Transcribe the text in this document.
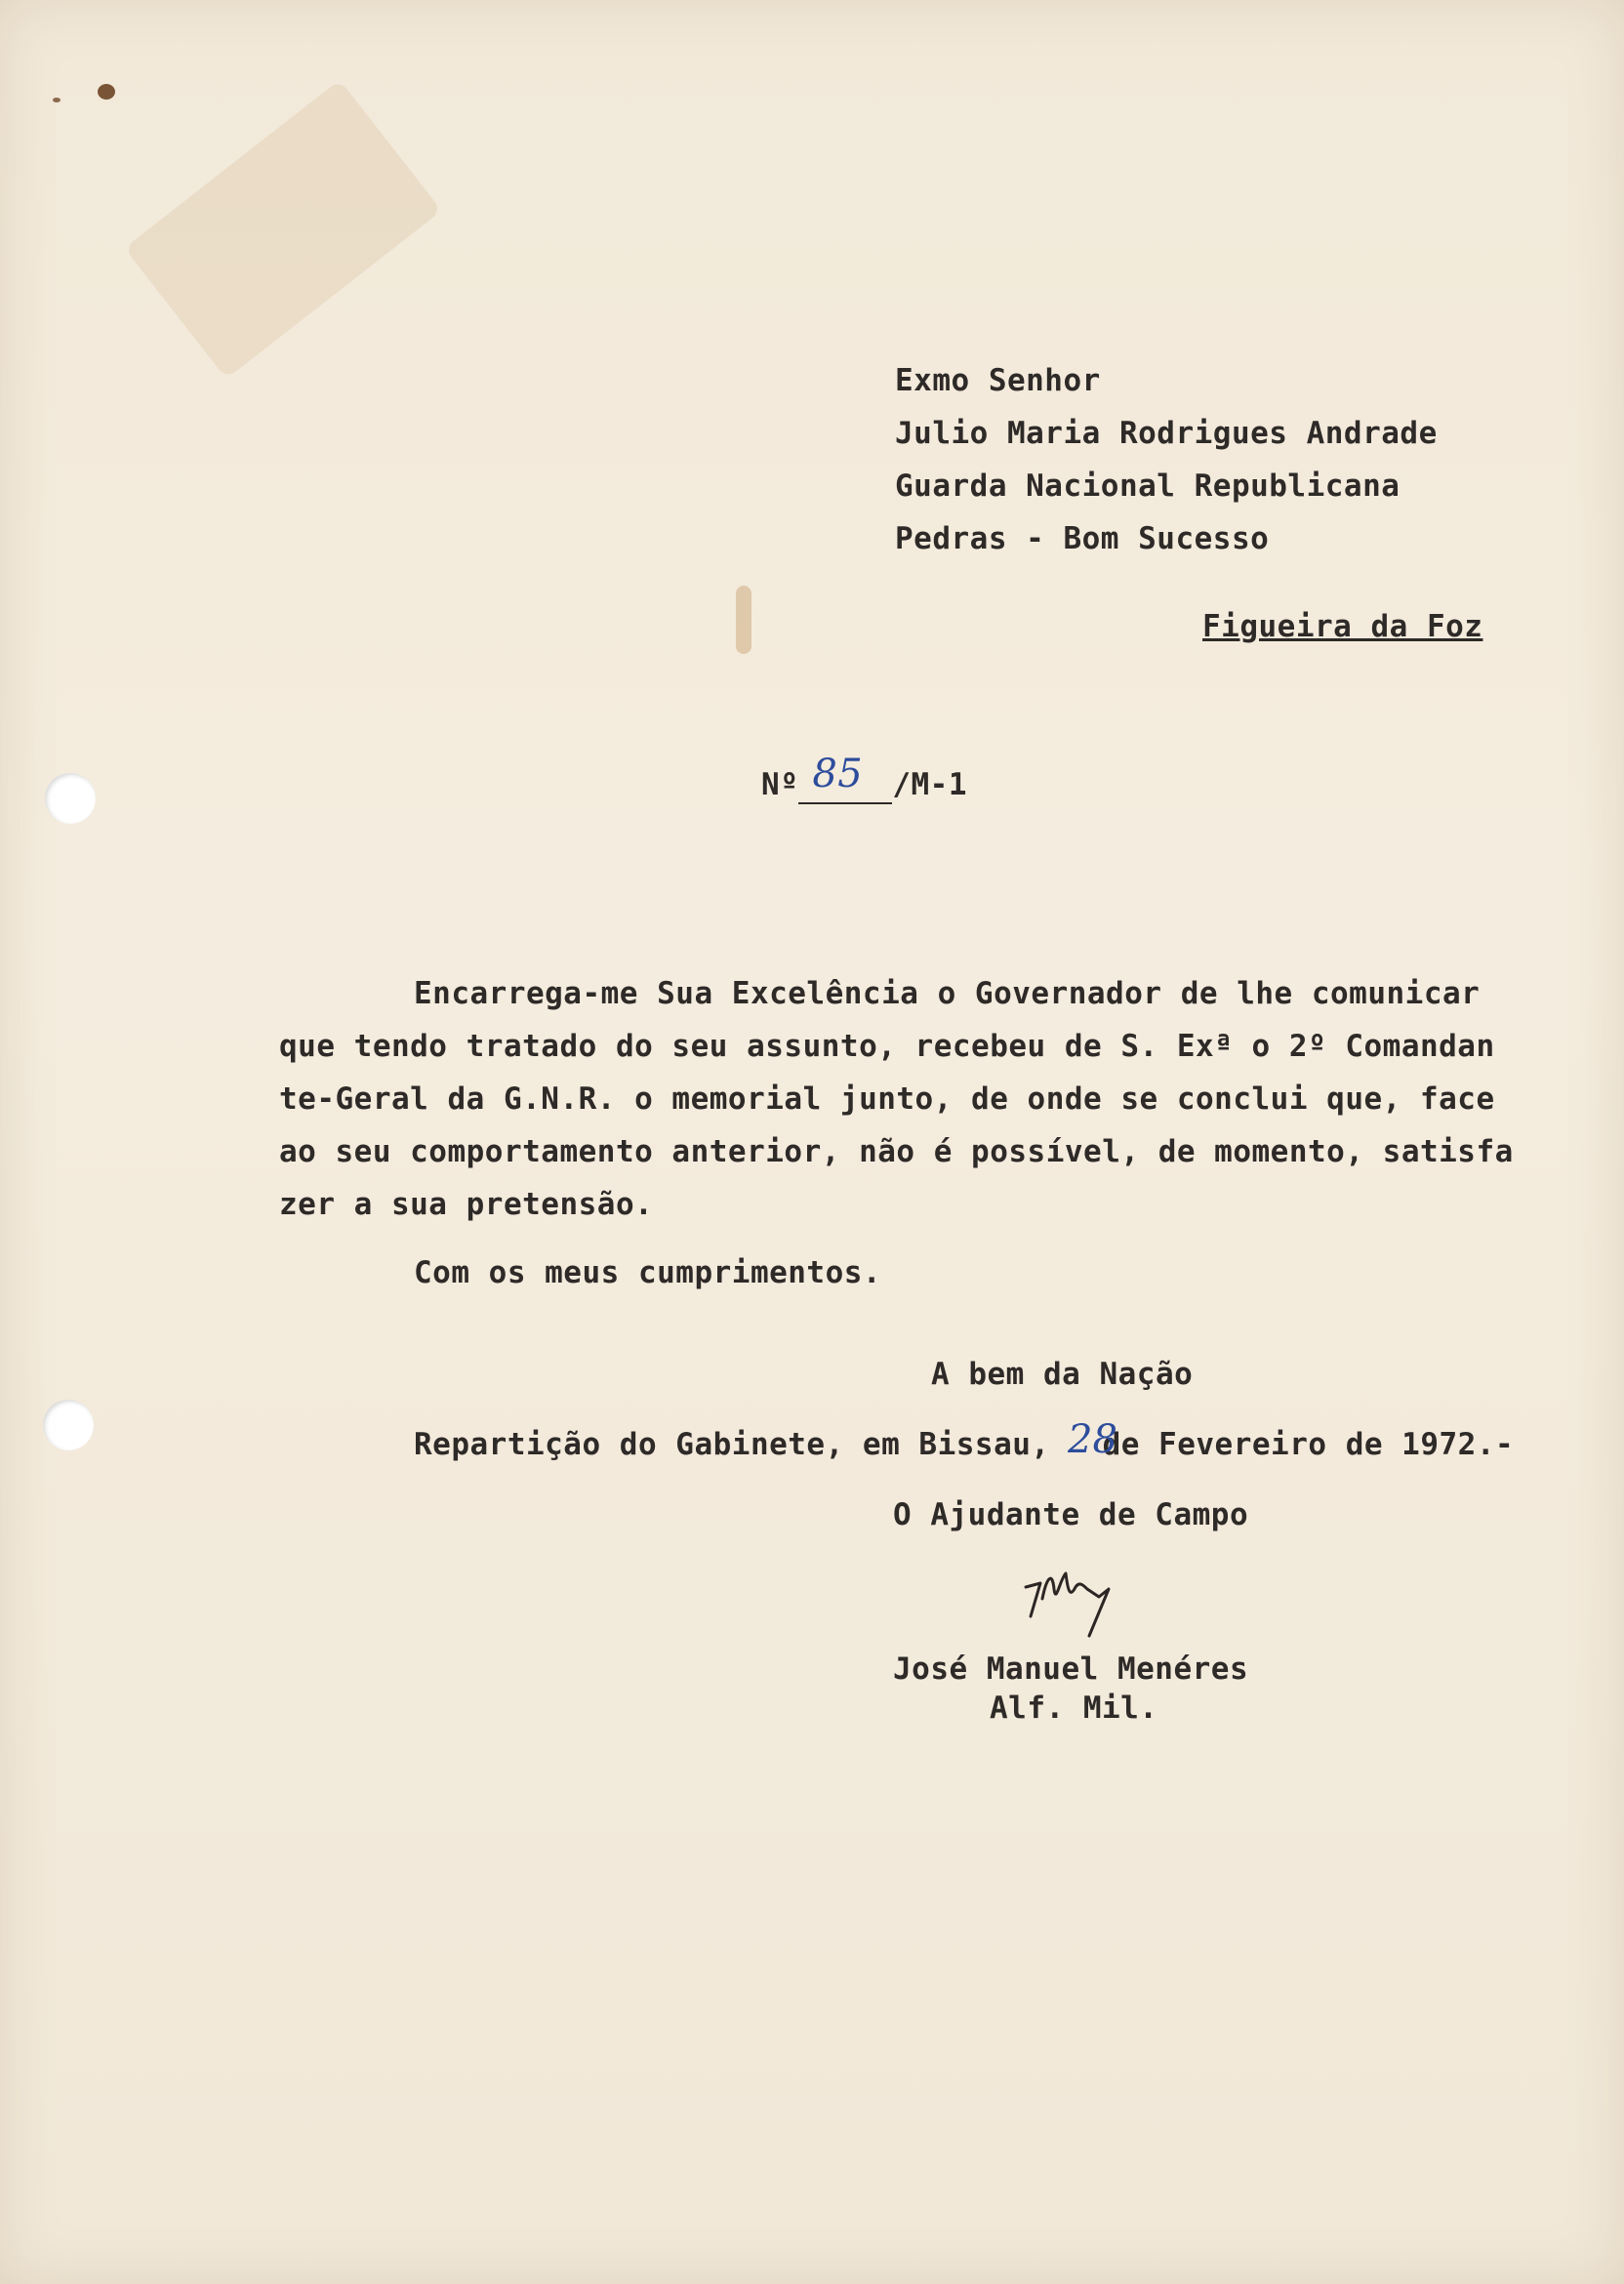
Exmo Senhor
Julio Maria Rodrigues Andrade
Guarda Nacional Republicana
Pedras - Bom Sucesso
Figueira da Foz
Nº 85 /M-1
Encarrega-me Sua Excelência o Governador de lhe comunicar
que tendo tratado do seu assunto, recebeu de S. Exª o 2º Comandan
te-Geral da G.N.R. o memorial junto, de onde se conclui que, face
ao seu comportamento anterior, não é possível, de momento, satisfa
zer a sua pretensão.
Com os meus cumprimentos.
A bem da Nação
Repartição do Gabinete, em Bissau, de Fevereiro de 1972.-
28
O Ajudante de Campo
José Manuel Menéres
Alf. Mil.
